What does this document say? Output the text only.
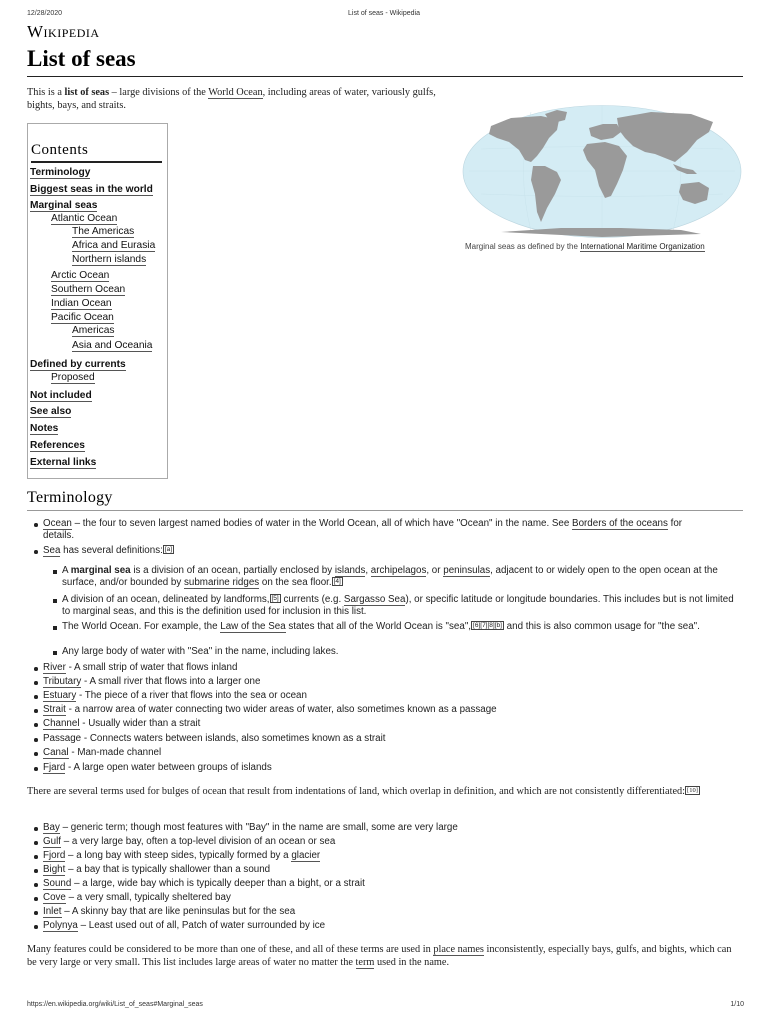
12/28/2020	List of seas - Wikipedia
Wikipedia
List of seas
This is a list of seas – large divisions of the World Ocean, including areas of water, variously gulfs, bights, bays, and straits.
Marginal seas as defined by the International Maritime Organization
Contents
Terminology
Biggest seas in the world
Marginal seas
Atlantic Ocean
The Americas
Africa and Eurasia
Northern islands
Arctic Ocean
Southern Ocean
Indian Ocean
Pacific Ocean
Americas
Asia and Oceania
Defined by currents
Proposed
Not included
See also
Notes
References
External links
Terminology
Ocean – the four to seven largest named bodies of water in the World Ocean, all of which have "Ocean" in the name. See Borders of the oceans for details.
Sea has several definitions: [a]
A marginal sea is a division of an ocean, partially enclosed by islands, archipelagos, or peninsulas, adjacent to or widely open to the open ocean at the surface, and/or bounded by submarine ridges on the sea floor. [4]
A division of an ocean, delineated by landforms, [5] currents (e.g. Sargasso Sea), or specific latitude or longitude boundaries. This includes but is not limited to marginal seas, and this is the definition used for inclusion in this list.
The World Ocean. For example, the Law of the Sea states that all of the World Ocean is "sea", [6][7][8][b] and this is also common usage for "the sea".
Any large body of water with "Sea" in the name, including lakes.
River - A small strip of water that flows inland
Tributary - A small river that flows into a larger one
Estuary - The piece of a river that flows into the sea or ocean
Strait - a narrow area of water connecting two wider areas of water, also sometimes known as a passage
Channel - Usually wider than a strait
Passage - Connects waters between islands, also sometimes known as a strait
Canal - Man-made channel
Fjard - A large open water between groups of islands
There are several terms used for bulges of ocean that result from indentations of land, which overlap in definition, and which are not consistently differentiated: [10]
Bay – generic term; though most features with "Bay" in the name are small, some are very large
Gulf – a very large bay, often a top-level division of an ocean or sea
Fjord – a long bay with steep sides, typically formed by a glacier
Bight – a bay that is typically shallower than a sound
Sound – a large, wide bay which is typically deeper than a bight, or a strait
Cove – a very small, typically sheltered bay
Inlet – A skinny bay that are like peninsulas but for the sea
Polynya – Least used out of all, Patch of water surrounded by ice
Many features could be considered to be more than one of these, and all of these terms are used in place names inconsistently, especially bays, gulfs, and bights, which can be very large or very small. This list includes large areas of water no matter the term used in the name.
https://en.wikipedia.org/wiki/List_of_seas#Marginal_seas	1/10
